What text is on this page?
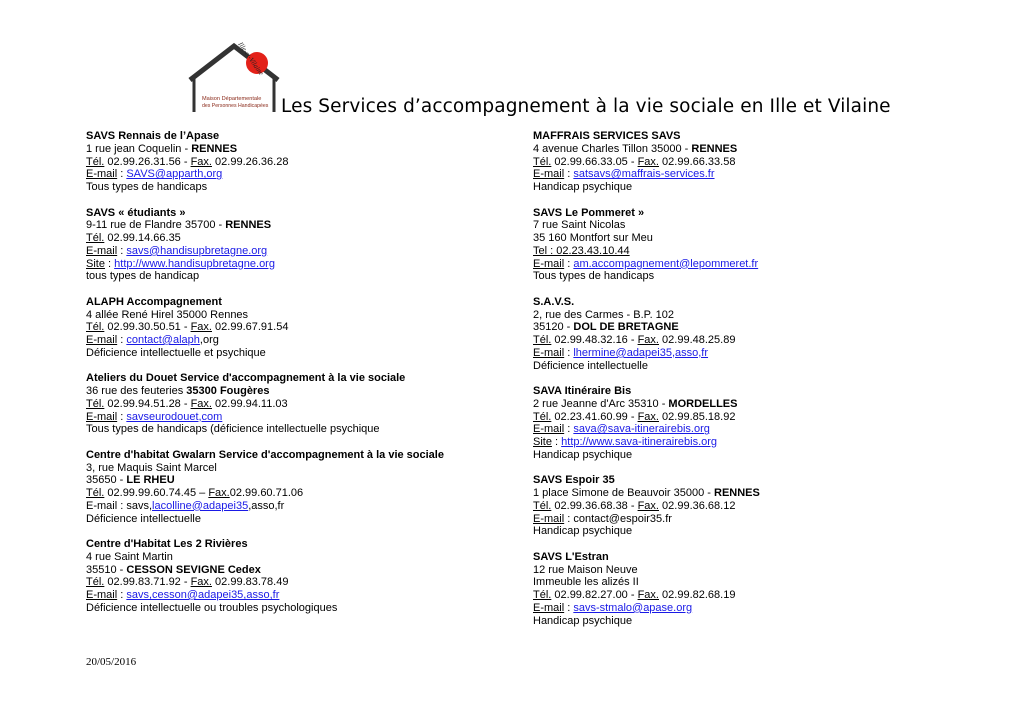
Ille-et-Vilaine
Maison Départementale
des Personnes Handicapées Les Services d’accompagnement à la vie sociale en Ille et Vilaine
SAVS Rennais de l’Apase
1 rue jean Coquelin - RENNES
Tél. 02.99.26.31.56 - Fax. 02.99.26.36.28
E-mail : SAVS@apparth,org
Tous types de handicaps
SAVS « étudiants »
9-11 rue de Flandre 35700 - RENNES
Tél. 02.99.14.66.35
E-mail : savs@handisupbretagne.org
Site : http://www.handisupbretagne.org
tous types de handicap
ALAPH Accompagnement
4 allée René Hirel 35000 Rennes
Tél. 02.99.30.50.51 - Fax. 02.99.67.91.54
E-mail : contact@alaph,org
Déficience intellectuelle et psychique
Ateliers du Douet Service d'accompagnement à la vie sociale
36 rue des feuteries 35300 Fougères
Tél. 02.99.94.51.28 - Fax. 02.99.94.11.03
E-mail : savseurodouet,com
Tous types de handicaps (déficience intellectuelle psychique
Centre d'habitat Gwalarn Service d'accompagnement à la vie sociale
3, rue Maquis Saint Marcel
35650 - LE RHEU
Tél. 02.99.99.60.74.45 – Fax.02.99.60.71.06
E-mail : savs,lacolline@adapei35,asso,fr
Déficience intellectuelle
Centre d'Habitat Les 2 Rivières
4 rue Saint Martin
35510 - CESSON SEVIGNE Cedex
Tél. 02.99.83.71.92 - Fax. 02.99.83.78.49
E-mail : savs,cesson@adapei35,asso,fr
Déficience intellectuelle ou troubles psychologiques
MAFFRAIS SERVICES SAVS
4 avenue Charles Tillon 35000 - RENNES
Tél. 02.99.66.33.05 - Fax. 02.99.66.33.58
E-mail : satsavs@maffrais-services.fr
Handicap psychique
SAVS Le Pommeret »
7 rue Saint Nicolas
35 160 Montfort sur Meu
Tel : 02.23.43.10.44
E-mail : am.accompagnement@lepommeret.fr
Tous types de handicaps
S.A.V.S.
2, rue des Carmes - B.P. 102
35120 - DOL DE BRETAGNE
Tél. 02.99.48.32.16 - Fax. 02.99.48.25.89
E-mail : lhermine@adapei35,asso,fr
Déficience intellectuelle
SAVA Itinéraire Bis
2 rue Jeanne d'Arc 35310 - MORDELLES
Tél. 02.23.41.60.99 - Fax. 02.99.85.18.92
E-mail : sava@sava-itinerairebis.org
Site : http://www.sava-itinerairebis.org
Handicap psychique
SAVS Espoir 35
1 place Simone de Beauvoir 35000 - RENNES
Tél. 02.99.36.68.38 - Fax. 02.99.36.68.12
E-mail : contact@espoir35.fr
Handicap psychique
SAVS L'Estran
12 rue Maison Neuve
Immeuble les alizés II
Tél. 02.99.82.27.00 - Fax. 02.99.82.68.19
E-mail : savs-stmalo@apase.org
Handicap psychique
20/05/2016
